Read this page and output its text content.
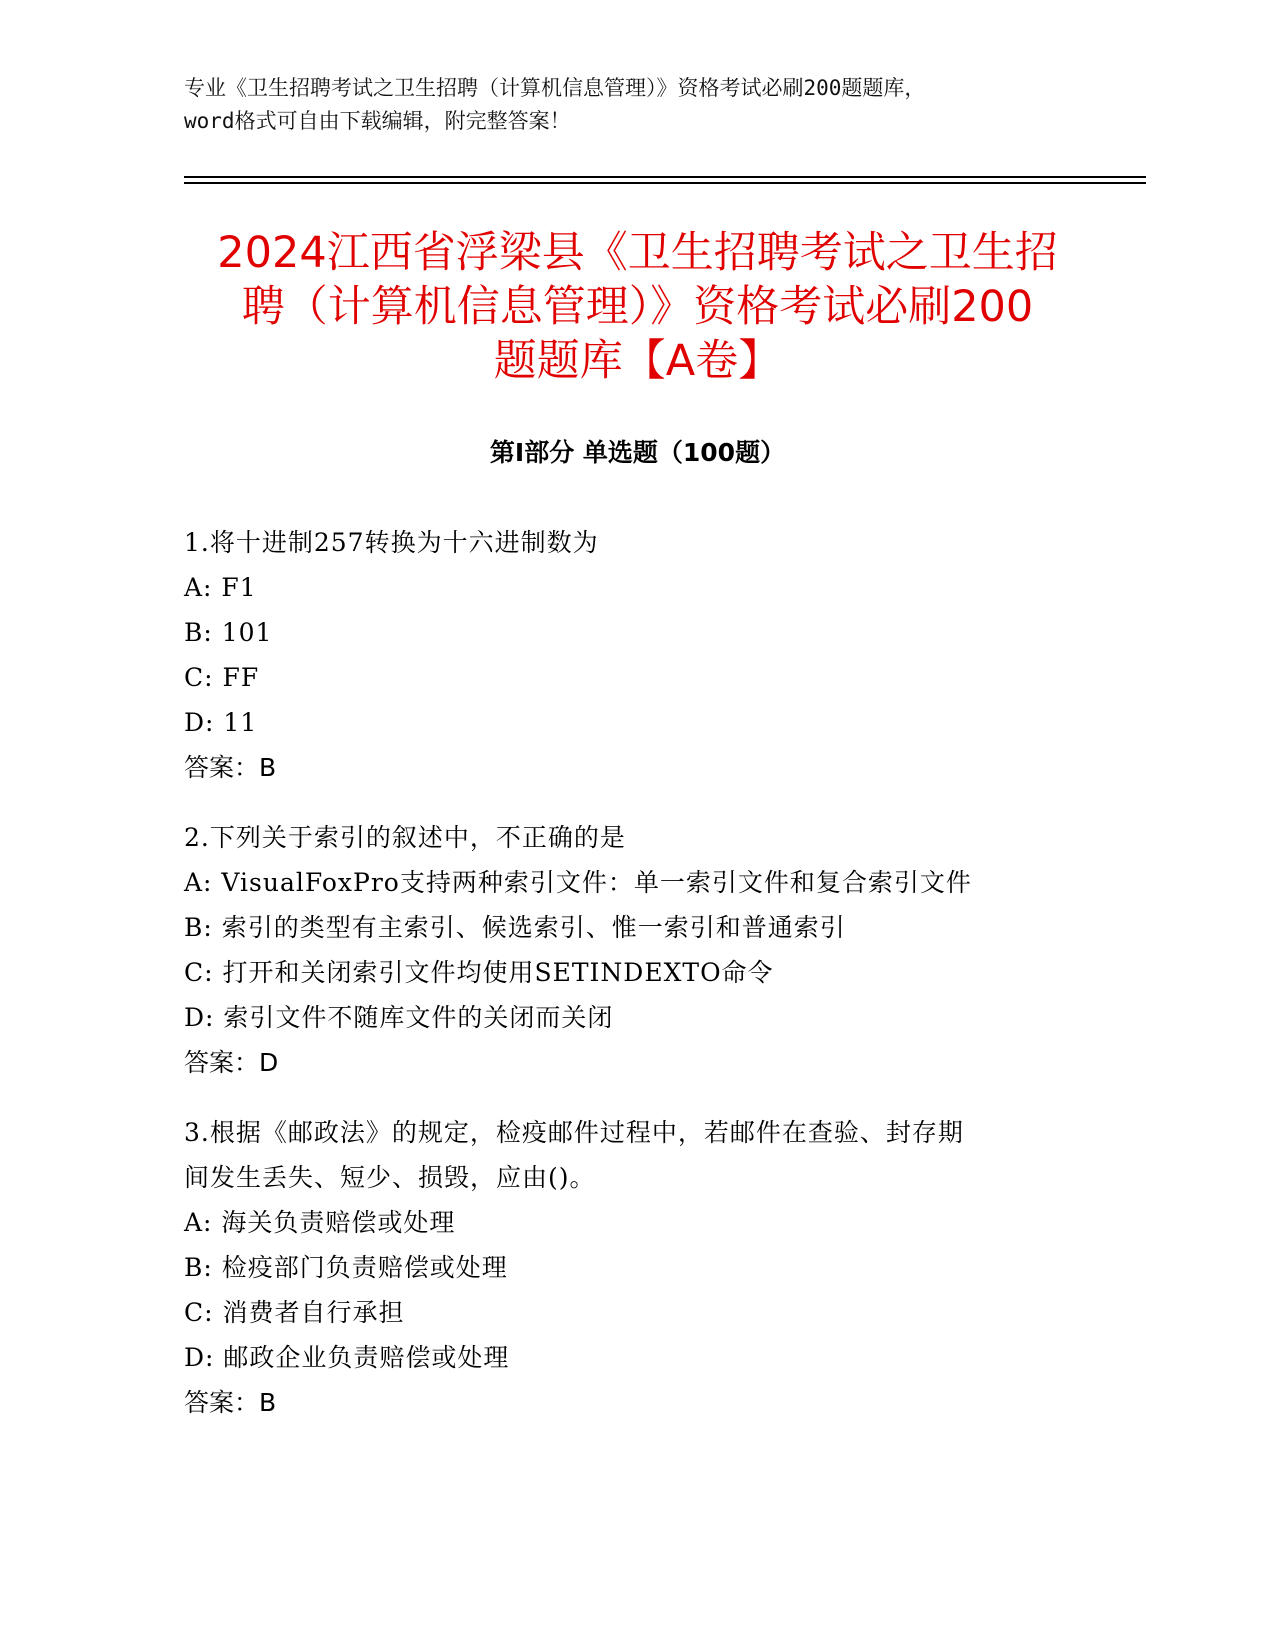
专业《卫生招聘考试之卫生招聘（计算机信息管理）》资格考试必刷200题题库，
word格式可自由下载编辑，附完整答案！
2024江西省浮梁县《卫生招聘考试之卫生招
聘（计算机信息管理）》资格考试必刷200
题题库【A卷】
第Ⅰ部分 单选题（100题）

1.将十进制257转换为十六进制数为

A: F1

B: 101

C: FF

D: 11

答案：B

2.下列关于索引的叙述中，不正确的是

A: VisualFoxPro支持两种索引文件：单一索引文件和复合索引文件

B: 索引的类型有主索引、候选索引、惟一索引和普通索引

C: 打开和关闭索引文件均使用SETINDEXTO命令

D: 索引文件不随库文件的关闭而关闭

答案：D

3.根据《邮政法》的规定，检疫邮件过程中，若邮件在查验、封存期

间发生丢失、短少、损毁，应由()。

A: 海关负责赔偿或处理

B: 检疫部门负责赔偿或处理

C: 消费者自行承担

D: 邮政企业负责赔偿或处理

答案：B
